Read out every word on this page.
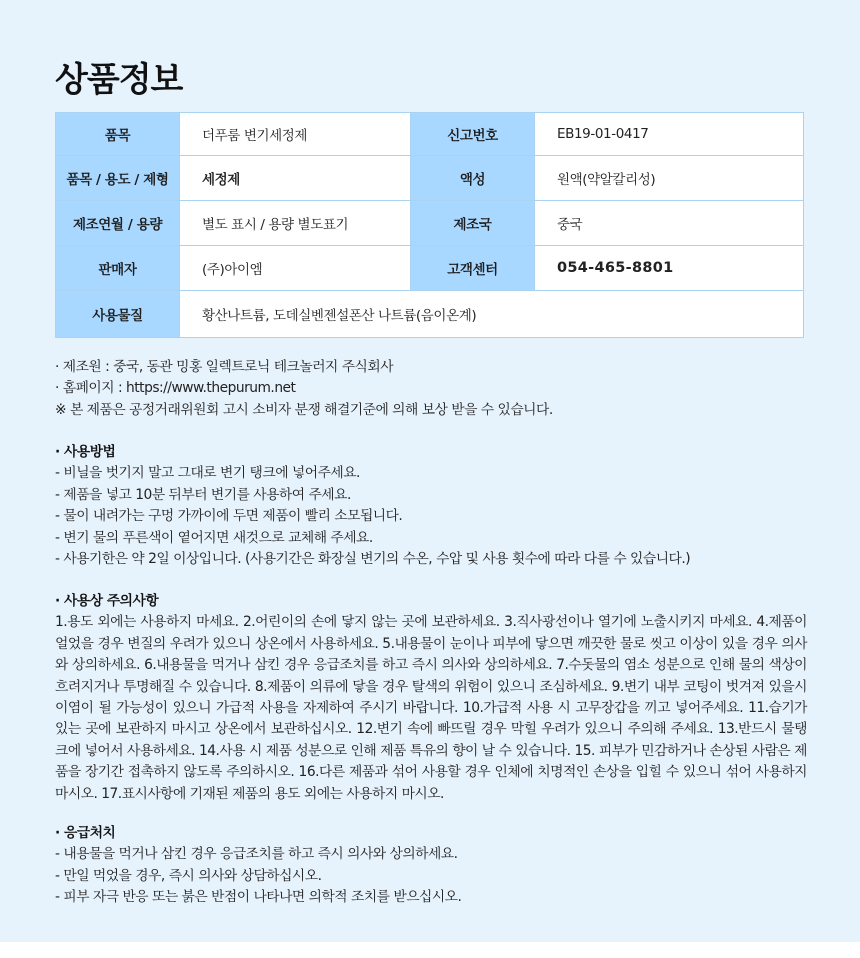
상품정보
품목	더푸룸 변기세정제	신고번호	EB19-01-0417
품목 / 용도 / 제형	세정제	액성	원액(약알칼리성)
제조연월 / 용량	별도 표시 / 용량 별도표기	제조국	중국
판매자	(주)아이엠	고객센터	054-465-8801
사용물질	황산나트륨, 도데실벤젠설폰산 나트륨(음이온계)		

· 제조원 : 중국, 동관 밍홍 일렉트로닉 테크놀러지 주식회사

· 홈페이지 : https://www.thepurum.net

※ 본 제품은 공정거래위원회 고시 소비자 분쟁 해결기준에 의해 보상 받을 수 있습니다.

· 사용방법

- 비닐을 벗기지 말고 그대로 변기 탱크에 넣어주세요.

- 제품을 넣고 10분 뒤부터 변기를 사용하여 주세요.

- 물이 내려가는 구멍 가까이에 두면 제품이 빨리 소모됩니다.

- 변기 물의 푸른색이 옅어지면 새것으로 교체해 주세요.

- 사용기한은 약 2일 이상입니다. (사용기간은 화장실 변기의 수온, 수압 및 사용 횟수에 따라 다를 수 있습니다.)

· 사용상 주의사항

1.용도 외에는 사용하지 마세요. 2.어린이의 손에 닿지 않는 곳에 보관하세요. 3.직사광선이나 열기에 노출시키지 마세요. 4.제품이 얼었을 경우 변질의 우려가 있으니 상온에서 사용하세요. 5.내용물이 눈이나 피부에 닿으면 깨끗한 물로 씻고 이상이 있을 경우 의사와 상의하세요. 6.내용물을 먹거나 삼킨 경우 응급조치를 하고 즉시 의사와 상의하세요. 7.수돗물의 염소 성분으로 인해 물의 색상이 흐려지거나 투명해질 수 있습니다. 8.제품이 의류에 닿을 경우 탈색의 위험이 있으니 조심하세요. 9.변기 내부 코팅이 벗겨져 있을시 이염이 될 가능성이 있으니 가급적 사용을 자제하여 주시기 바랍니다. 10.가급적 사용 시 고무장갑을 끼고 넣어주세요. 11.습기가 있는 곳에 보관하지 마시고 상온에서 보관하십시오. 12.변기 속에 빠뜨릴 경우 막힐 우려가 있으니 주의해 주세요. 13.반드시 물탱크에 넣어서 사용하세요. 14.사용 시 제품 성분으로 인해 제품 특유의 향이 날 수 있습니다. 15. 피부가 민감하거나 손상된 사람은 제품을 장기간 접촉하지 않도록 주의하시오. 16.다른 제품과 섞어 사용할 경우 인체에 치명적인 손상을 입힐 수 있으니 섞어 사용하지 마시오. 17.표시사항에 기재된 제품의 용도 외에는 사용하지 마시오.

· 응급처치

- 내용물을 먹거나 삼킨 경우 응급조치를 하고 즉시 의사와 상의하세요.

- 만일 먹었을 경우, 즉시 의사와 상담하십시오.

- 피부 자극 반응 또는 붉은 반점이 나타나면 의학적 조치를 받으십시오.
